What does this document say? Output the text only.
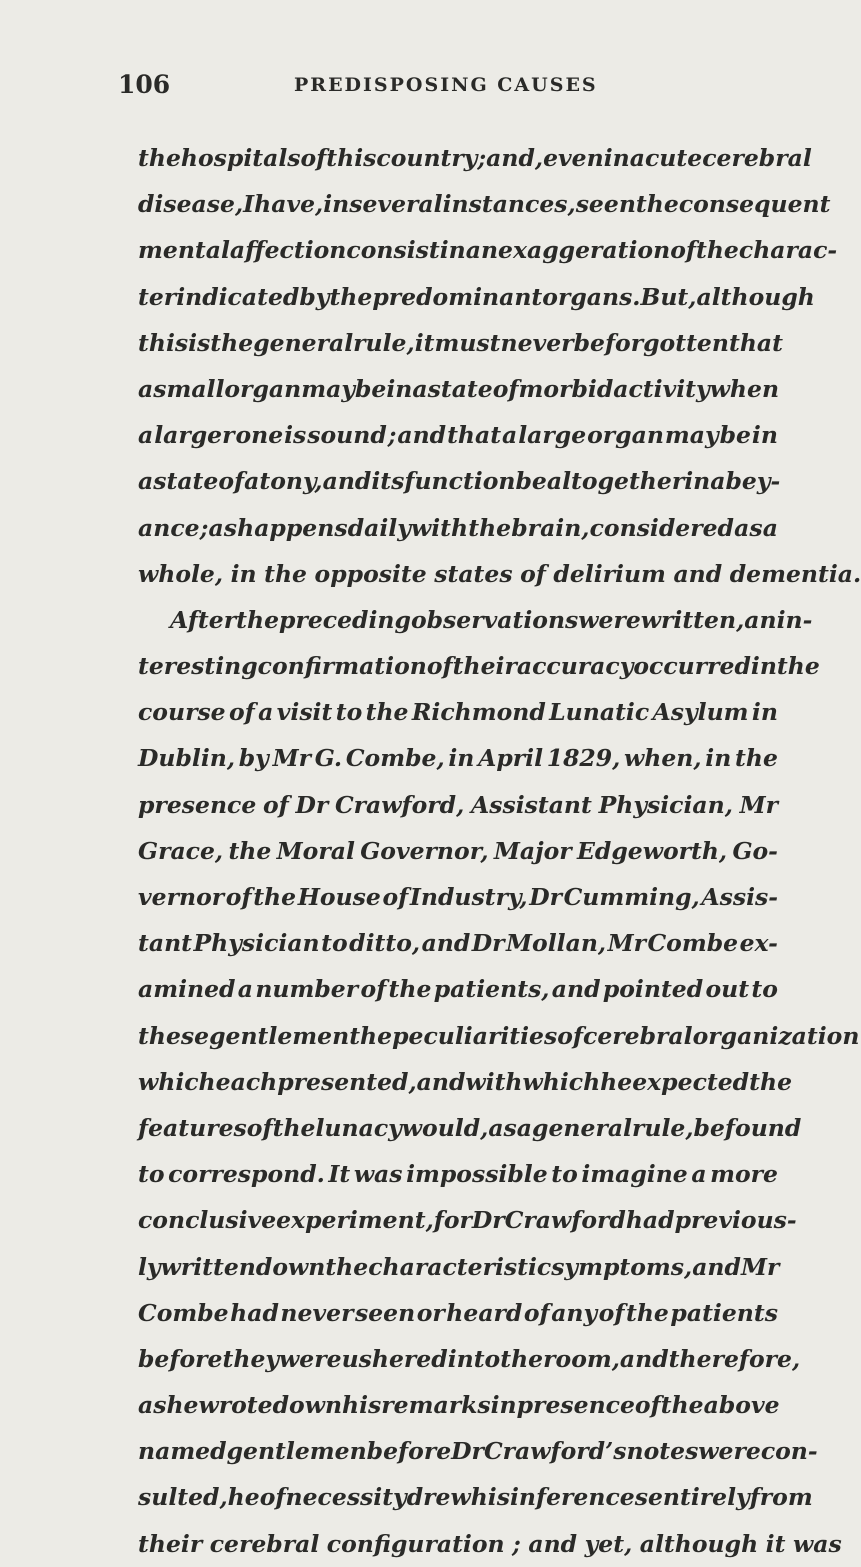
106	PREDISPOSING CAUSES
the hospitals of this country ; and, even in acute cerebral
disease, I have, in several instances, seen the consequent
mental affection consist in an exaggeration of the charac-
ter indicated by the predominant organs. But, although
this is the general rule, it must never be forgotten that
a small organ may be in a state of morbid activity when
a larger one is sound ; and that a large organ may be in
a state of atony, and its function be altogether in abey-
ance ; as happens daily with the brain, considered as a
whole, in the opposite states of delirium and dementia.
After the preceding observations were written, an in-
teresting confirmation of their accuracy occurred in the
course of a visit to the Richmond Lunatic Asylum in
Dublin, by Mr G. Combe, in April 1829, when, in the
presence of Dr Crawford, Assistant Physician, Mr
Grace, the Moral Governor, Major Edgeworth, Go-
vernor of the House of Industry, Dr Cumming, Assis-
tant Physician to ditto, and Dr Mollan, Mr Combe ex-
amined a number of the patients, and pointed out to
these gentlemen the peculiarities of cerebral organization
which each presented, and with which he expected the
features of the lunacy would, as a general rule, be found
to correspond. It was impossible to imagine a more
conclusive experiment, for Dr Crawford had previous-
ly written down the characteristic symptoms, and Mr
Combe had never seen or heard of any of the patients
before they were ushered into the room, and therefore,
as he wrote down his remarks in presence of the above
named gentlemen before Dr Crawford’s notes were con-
sulted, he of necessity drew his inferences entirely from
their cerebral configuration ; and yet, although it was
